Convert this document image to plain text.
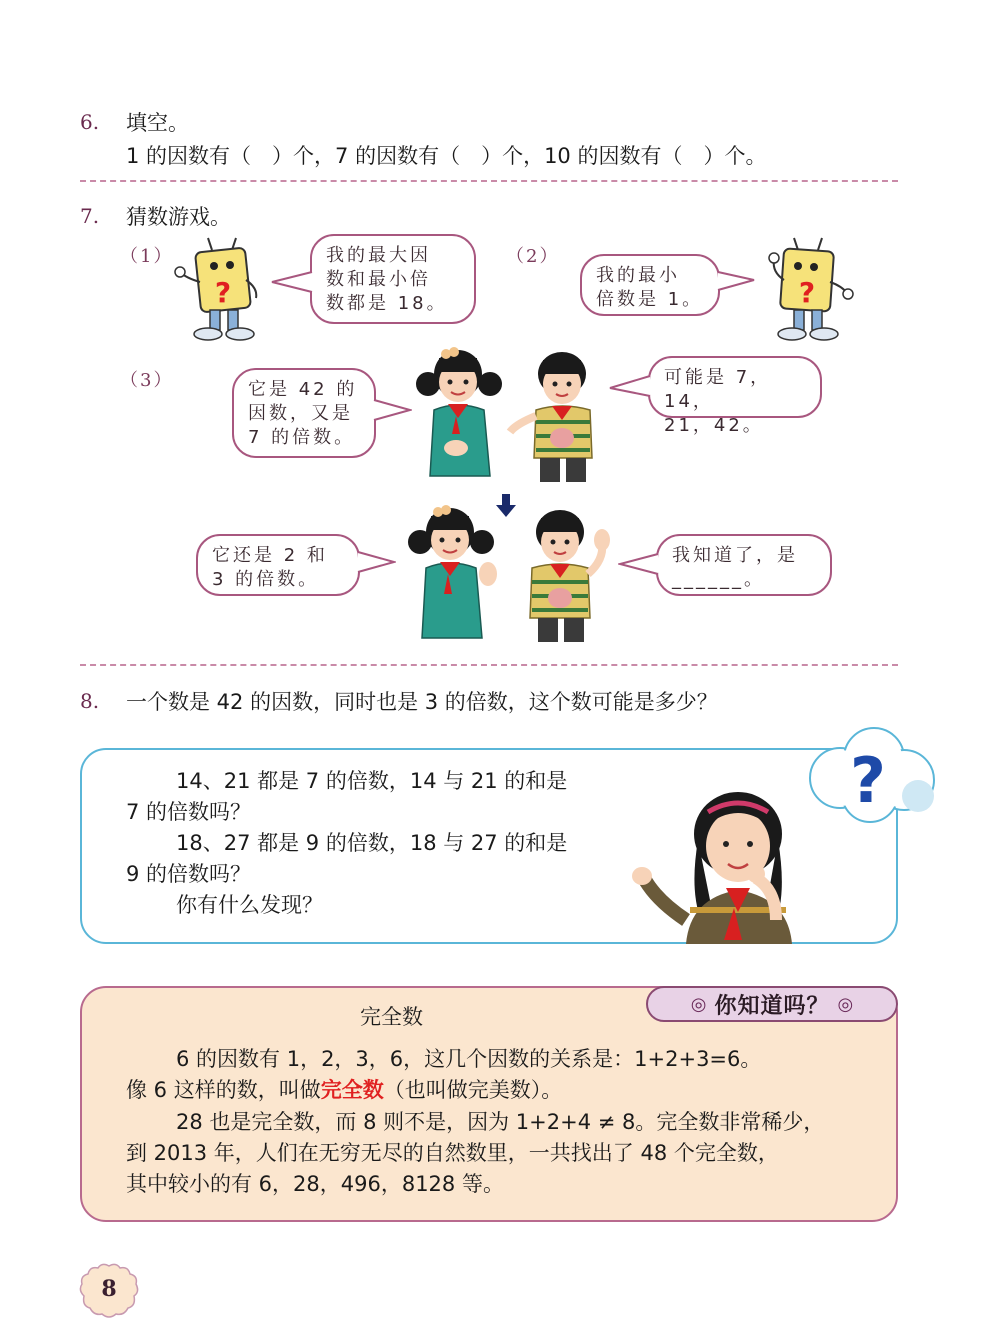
6. 填空。
1 的因数有（　）个，7 的因数有（　）个，10 的因数有（　）个。
7. 猜数游戏。
（1）	（2）
（3）
?
我的最大因
数和最小倍
数都是 18。
我的最小
倍数是 1。	?
它是 42 的
因数，又是
7 的倍数。
可能是 7，14，
21，42。
它还是 2 和
3 的倍数。
我知道了，是
______。
8. 一个数是 42 的因数，同时也是 3 的倍数，这个数可能是多少？
14、21 都是 7 的倍数，14 与 21 的和是
7 的倍数吗？
18、27 都是 9 的倍数，18 与 27 的和是
9 的倍数吗？
你有什么发现？
?
◎ 你知道吗？ ◎
完全数
6 的因数有 1，2，3，6，这几个因数的关系是：1+2+3=6。
像 6 这样的数，叫做完全数（也叫做完美数）。
28 也是完全数，而 8 则不是，因为 1+2+4 ≠ 8。完全数非常稀少，
到 2013 年，人们在无穷无尽的自然数里，一共找出了 48 个完全数，
其中较小的有 6，28，496，8128 等。
8
